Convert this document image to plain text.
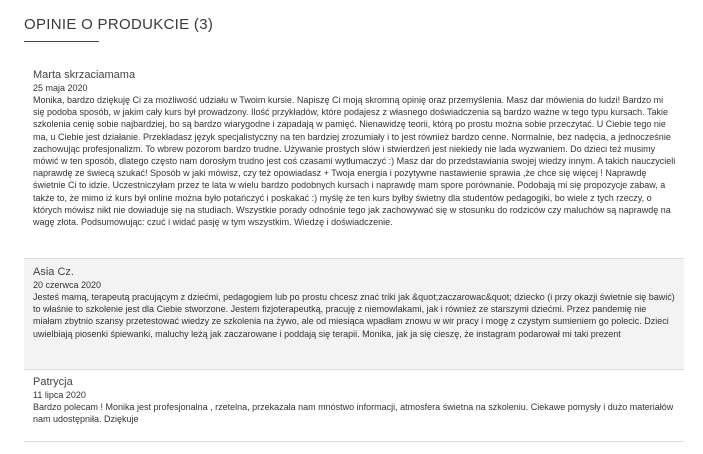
OPINIE O PRODUKCIE (3)
Marta skrzaciamama
25 maja 2020
Monika, bardzo dziękuję Ci za możliwość udziału w Twoim kursie. Napiszę Ci moją skromną opinię oraz przemyślenia. Masz dar mówienia do ludzi! Bardzo mi się podoba sposób, w jakim cały kurs był prowadzony. Ilość przykładów, które podajesz z własnego doświadczenia są bardzo ważne w tego typu kursach. Takie szkolenia cenię sobie najbardziej, bo są bardzo wiarygodne i zapadają w pamięć. Nienawidzę teorii, którą po prostu można sobie przeczytać. U Ciebie tego nie ma, u Ciebie jest działanie. Przekładasz język specjalistyczny na ten bardziej zrozumiały i to jest również bardzo cenne. Normalnie, bez nadęcia, a jednocześnie zachowując profesjonalizm. To wbrew pozorom bardzo trudne. Używanie prostych słów i stwierdzeń jest niekiedy nie lada wyzwaniem. Do dzieci też musimy mówić w ten sposób, dlatego często nam dorosłym trudno jest coś czasami wytłumaczyć :) Masz dar do przedstawiania swojej wiedzy innym. A takich nauczycieli naprawdę ze świecą szukać! Sposób w jaki mówisz, czy też opowiadasz + Twoja energia i pozytywne nastawienie sprawia ,że chce się więcej ! Naprawdę świetnie Ci to idzie. Uczestniczyłam przez te lata w wielu bardzo podobnych kursach i naprawdę mam spore porównanie. Podobają mi się propozycje zabaw, a także to, że mimo iż kurs był online można było potańczyć i poskakać :) myślę że ten kurs byłby świetny dla studentów pedagogiki, bo wiele z tych rzeczy, o których mówisz nikt nie dowiaduje się na studiach. Wszystkie porady odnośnie tego jak zachowywać się w stosunku do rodziców czy maluchów są naprawdę na wagę złota. Podsumowując: czuć i widać pasję w tym wszystkim. Wiedzę i doświadczenie.
Asia Cz.
20 czerwca 2020
Jesteś mamą, terapeutą pracującym z dziećmi, pedagogiem lub po prostu chcesz znać triki jak &quot;zaczarowac&quot; dziecko (i przy okazji świetnie się bawić) to właśnie to szkolenie jest dla Ciebie stworzone. Jestem fizjoterapeutką, pracuję z niemowlakami, jak i również ze starszymi dziećmi. Przez pandemię nie miałam zbytnio szansy przetestować wiedzy ze szkolenia na żywo, ale od miesiąca wpadłam znowu w wir pracy i mogę z czystym sumieniem go polecic. Dzieci uwielbiają piosenki śpiewanki, maluchy leżą jak zaczarowane i poddają się terapii. Monika, jak ja się cieszę, że instagram podarował mi taki prezent
Patrycja
11 lipca 2020
Bardzo polecam ! Monika jest profesjonalna , rzetelna, przekazała nam mnóstwo informacji, atmosfera świetna na szkoleniu. Ciekawe pomysły i dużo materiałów nam udostępniła. Dziękuje
